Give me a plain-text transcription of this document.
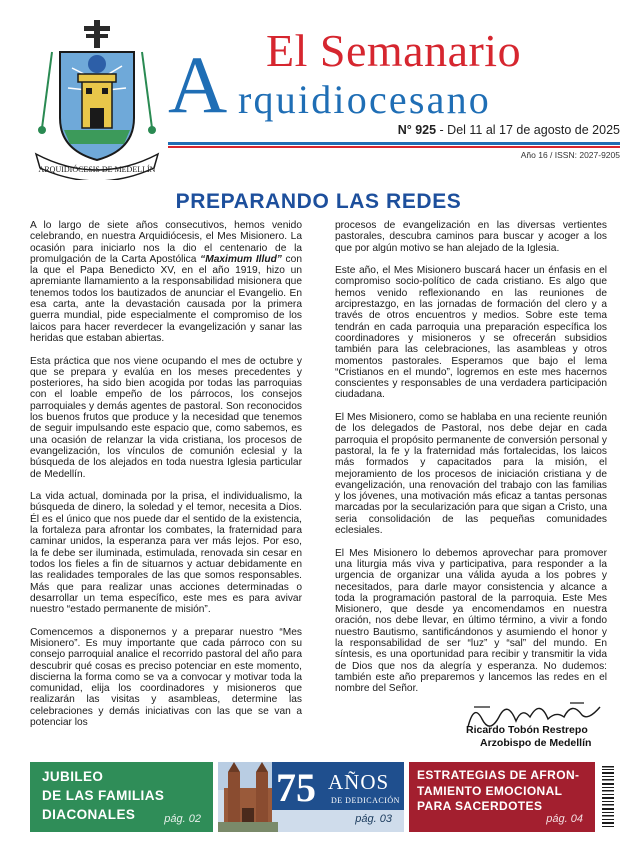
ARQUIDIÓCESIS DE MEDELLÍN
El Semanario
A rquidiocesano
N° 925 - Del 11 al 17 de agosto de 2025
Año 16 / ISSN: 2027-9205
PREPARANDO LAS REDES

A lo largo de siete años consecutivos, hemos venido celebrando, en nuestra Arquidiócesis, el Mes Misionero. La ocasión para iniciarlo nos la dio el centenario de la promulgación de la Carta Apostólica “Maximum Illud” con la que el Papa Benedicto XV, en el año 1919, hizo un apremiante llamamiento a la responsabilidad misionera que tenemos todos los bautizados de anunciar el Evangelio. En esa carta, ante la devastación causada por la primera guerra mundial, pide especialmente el compromiso de los laicos para hacer reverdecer la evangelización y sanar las heridas que estaban abiertas.

Esta práctica que nos viene ocupando el mes de octubre y que se prepara y evalúa en los meses precedentes y posteriores, ha sido bien acogida por todas las parroquias con el loable empeño de los párrocos, los consejos parroquiales y demás agentes de pastoral. Son reconocidos los buenos frutos que produce y la necesidad que tenemos de seguir impulsando este espacio que, como sabemos, es una ocasión de relanzar la vida cristiana, los procesos de evangelización, los vínculos de comunión eclesial y la búsqueda de los alejados en toda nuestra Iglesia particular de Medellín.

La vida actual, dominada por la prisa, el individualismo, la búsqueda de dinero, la soledad y el temor, necesita a Dios. Él es el único que nos puede dar el sentido de la existencia, la fortaleza para afrontar los combates, la fraternidad para caminar unidos, la esperanza para ver más lejos. Por eso, la fe debe ser iluminada, estimulada, renovada sin cesar en todos los fieles a fin de situarnos y actuar debidamente en las realidades temporales de las que somos responsables. Más que para realizar unas acciones determinadas o desarrollar un tema específico, este mes es para avivar nuestro “estado permanente de misión”.

Comencemos a disponernos y a preparar nuestro “Mes Misionero”. Es muy importante que cada párroco con su consejo parroquial analice el recorrido pastoral del año para descubrir qué cosas es preciso potenciar en este momento, discierna la forma como se va a convocar y motivar toda la comunidad, elija los coordinadores y misioneros que realizarán las visitas y asambleas, determine las celebraciones y demás iniciativas con las que se van a potenciar los

procesos de evangelización en las diversas vertientes pastorales, descubra caminos para buscar y acoger a los que por algún motivo se han alejado de la Iglesia.

Este año, el Mes Misionero buscará hacer un énfasis en el compromiso socio-político de cada cristiano. Es algo que hemos venido reflexionando en las reuniones de arciprestazgo, en las jornadas de formación del clero y a través de otros encuentros y medios. Sobre este tema tendrán en cada parroquia una preparación específica los coordinadores y misioneros y se ofrecerán subsidios también para las celebraciones, las asambleas y otros momentos pastorales. Esperamos que bajo el lema “Cristianos en el mundo”, logremos en este mes hacernos conscientes y responsables de una verdadera participación ciudadana.

El Mes Misionero, como se hablaba en una reciente reunión de los delegados de Pastoral, nos debe dejar en cada parroquia el propósito permanente de conversión personal y pastoral, la fe y la fraternidad más fortalecidas, los laicos más formados y capacitados para la misión, el mejoramiento de los procesos de iniciación cristiana y de evangelización, una renovación del trabajo con las familias y los jóvenes, una motivación más eficaz a tantas personas marcadas por la secularización para que sigan a Cristo, una seria consolidación de las pequeñas comunidades eclesiales.

El Mes Misionero lo debemos aprovechar para promover una liturgia más viva y participativa, para responder a la urgencia de organizar una válida ayuda a los pobres y necesitados, para darle mayor consistencia y alcance a toda la programación pastoral de la parroquia. Este Mes Misionero, que desde ya encomendamos en nuestra oración, nos debe llevar, en último término, a vivir a fondo nuestro Bautismo, santificándonos y asumiendo el honor y la responsabilidad de ser “luz” y “sal” del mundo. En síntesis, es una oportunidad para recibir y transmitir la vida de Dios que nos da alegría y esperanza. No dudemos: también este año preparemos y lancemos las redes en el nombre del Señor.

Ricardo Tobón Restrepo
Arzobispo de Medellín
JUBILEO
DE LAS FAMILIAS
DIACONALES	pág. 02
75 AÑOS
DE DEDICACIÓN
pág. 03
ESTRATEGIAS DE AFRON-
TAMIENTO EMOCIONAL
PARA SACERDOTES
pág. 04
